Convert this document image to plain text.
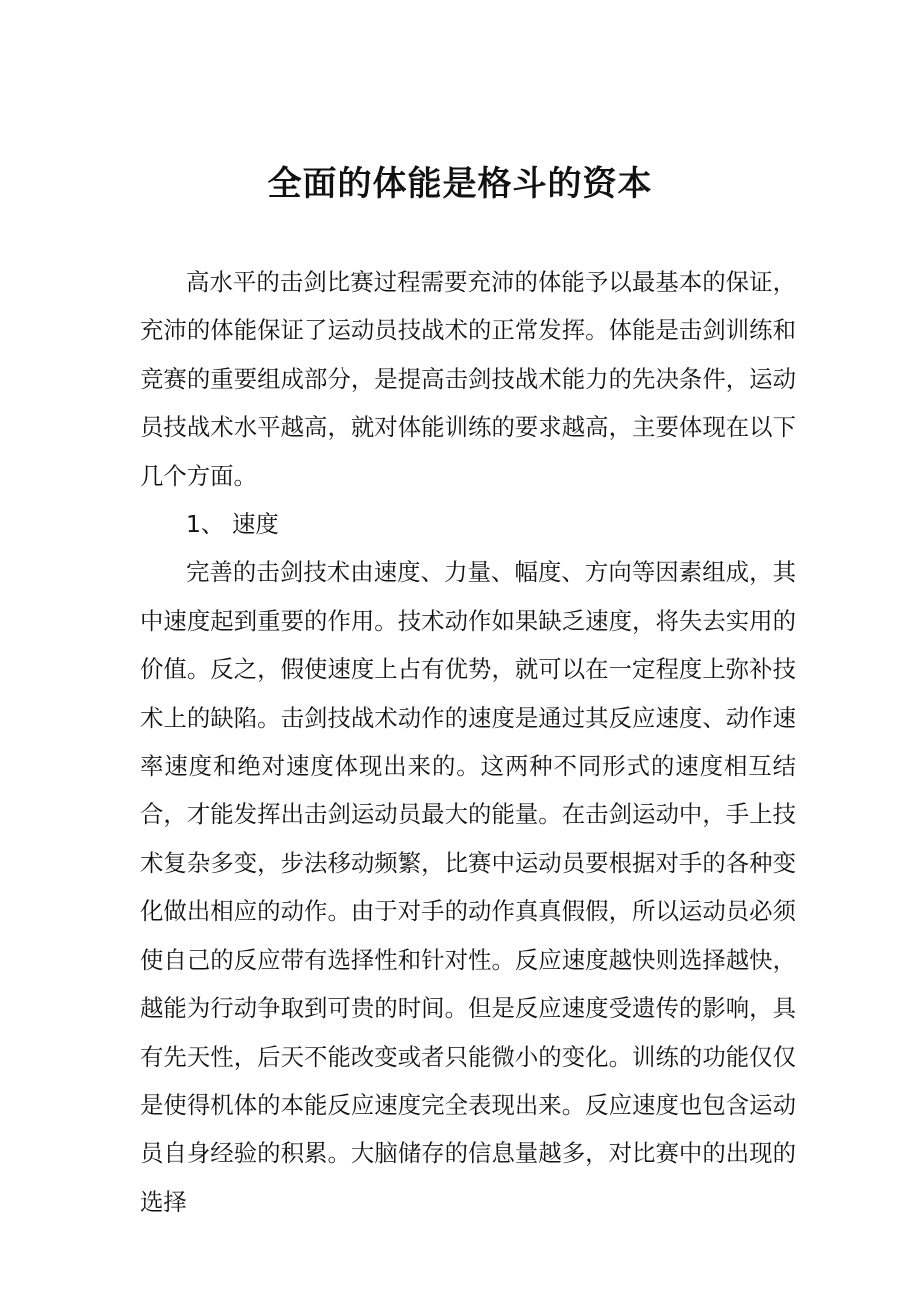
全面的体能是格斗的资本

高水平的击剑比赛过程需要充沛的体能予以最基本的保证，充沛的体能保证了运动员技战术的正常发挥。体能是击剑训练和竞赛的重要组成部分，是提高击剑技战术能力的先决条件，运动员技战术水平越高，就对体能训练的要求越高，主要体现在以下几个方面。

1、 速度

完善的击剑技术由速度、力量、幅度、方向等因素组成，其中速度起到重要的作用。技术动作如果缺乏速度，将失去实用的价值。反之，假使速度上占有优势，就可以在一定程度上弥补技术上的缺陷。击剑技战术动作的速度是通过其反应速度、动作速率速度和绝对速度体现出来的。这两种不同形式的速度相互结合，才能发挥出击剑运动员最大的能量。在击剑运动中，手上技术复杂多变，步法移动频繁，比赛中运动员要根据对手的各种变化做出相应的动作。由于对手的动作真真假假，所以运动员必须使自己的反应带有选择性和针对性。反应速度越快则选择越快，越能为行动争取到可贵的时间。但是反应速度受遗传的影响，具有先天性，后天不能改变或者只能微小的变化。训练的功能仅仅是使得机体的本能反应速度完全表现出来。反应速度也包含运动员自身经验的积累。大脑储存的信息量越多，对比赛中的出现的选择
